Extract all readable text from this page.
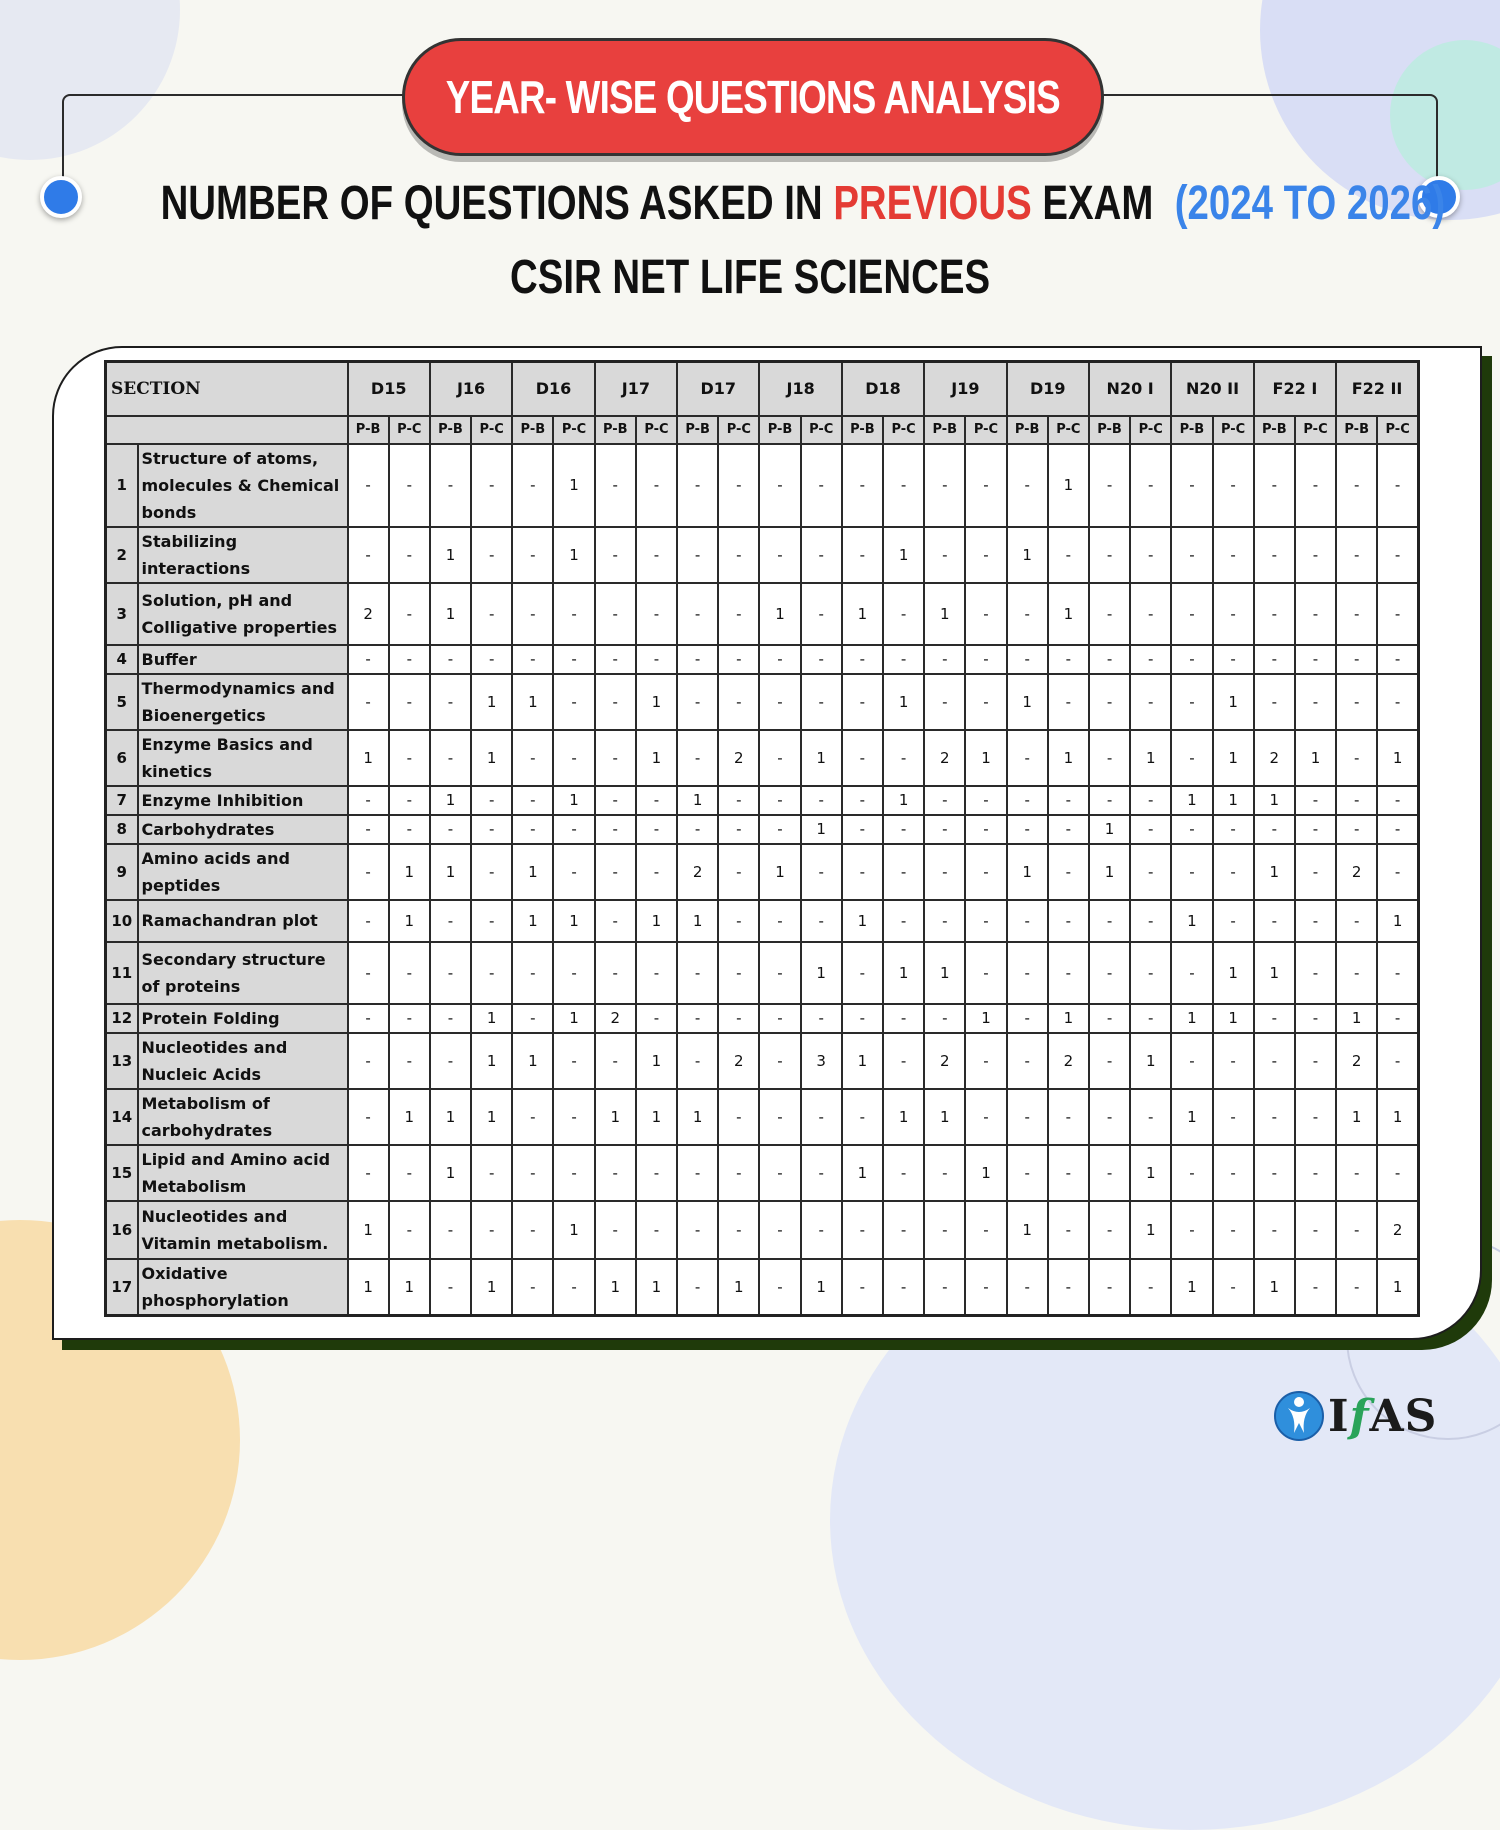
YEAR- WISE QUESTIONS ANALYSIS
NUMBER OF QUESTIONS ASKED IN PREVIOUS EXAM  (2024 TO 2026)
CSIR NET LIFE SCIENCES
SECTION		D15		J16		D16		J17		D17		J18		D18		J19		D19		N20 I		N20 II		F22 I		F22 II	
		P-B	P-C	P-B	P-C	P-B	P-C	P-B	P-C	P-B	P-C	P-B	P-C	P-B	P-C	P-B	P-C	P-B	P-C	P-B	P-C	P-B	P-C	P-B	P-C	P-B	P-C
1	Structure of atoms, molecules & Chemical bonds	-	-	-	-	-	1	-	-	-	-	-	-	-	-	-	-	-	1	-	-	-	-	-	-	-	-
2	Stabilizing interactions	-	-	1	-	-	1	-	-	-	-	-	-	-	1	-	-	1	-	-	-	-	-	-	-	-	-
3	Solution, pH and Colligative properties	2	-	1	-	-	-	-	-	-	-	1	-	1	-	1	-	-	1	-	-	-	-	-	-	-	-
4	Buffer	-	-	-	-	-	-	-	-	-	-	-	-	-	-	-	-	-	-	-	-	-	-	-	-	-	-
5	Thermodynamics and Bioenergetics	-	-	-	1	1	-	-	1	-	-	-	-	-	1	-	-	1	-	-	-	-	1	-	-	-	-
6	Enzyme Basics and kinetics	1	-	-	1	-	-	-	1	-	2	-	1	-	-	2	1	-	1	-	1	-	1	2	1	-	1
7	Enzyme Inhibition	-	-	1	-	-	1	-	-	1	-	-	-	-	1	-	-	-	-	-	-	1	1	1	-	-	-
8	Carbohydrates	-	-	-	-	-	-	-	-	-	-	-	1	-	-	-	-	-	-	1	-	-	-	-	-	-	-
9	Amino acids and peptides	-	1	1	-	1	-	-	-	2	-	1	-	-	-	-	-	1	-	1	-	-	-	1	-	2	-
10	Ramachandran plot	-	1	-	-	1	1	-	1	1	-	-	-	1	-	-	-	-	-	-	-	1	-	-	-	-	1
11	Secondary structure of proteins	-	-	-	-	-	-	-	-	-	-	-	1	-	1	1	-	-	-	-	-	-	1	1	-	-	-
12	Protein Folding	-	-	-	1	-	1	2	-	-	-	-	-	-	-	-	1	-	1	-	-	1	1	-	-	1	-
13	Nucleotides and Nucleic Acids	-	-	-	1	1	-	-	1	-	2	-	3	1	-	2	-	-	2	-	1	-	-	-	-	2	-
14	Metabolism of carbohydrates	-	1	1	1	-	-	1	1	1	-	-	-	-	1	1	-	-	-	-	-	1	-	-	-	1	1
15	Lipid and Amino acid Metabolism	-	-	1	-	-	-	-	-	-	-	-	-	1	-	-	1	-	-	-	1	-	-	-	-	-	-
16	Nucleotides and Vitamin metabolism.	1	-	-	-	-	1	-	-	-	-	-	-	-	-	-	-	1	-	-	1	-	-	-	-	-	2
17	Oxidative phosphorylation	1	1	-	1	-	-	1	1	-	1	-	1	-	-	-	-	-	-	-	-	1	-	1	-	-	1
IfAS
